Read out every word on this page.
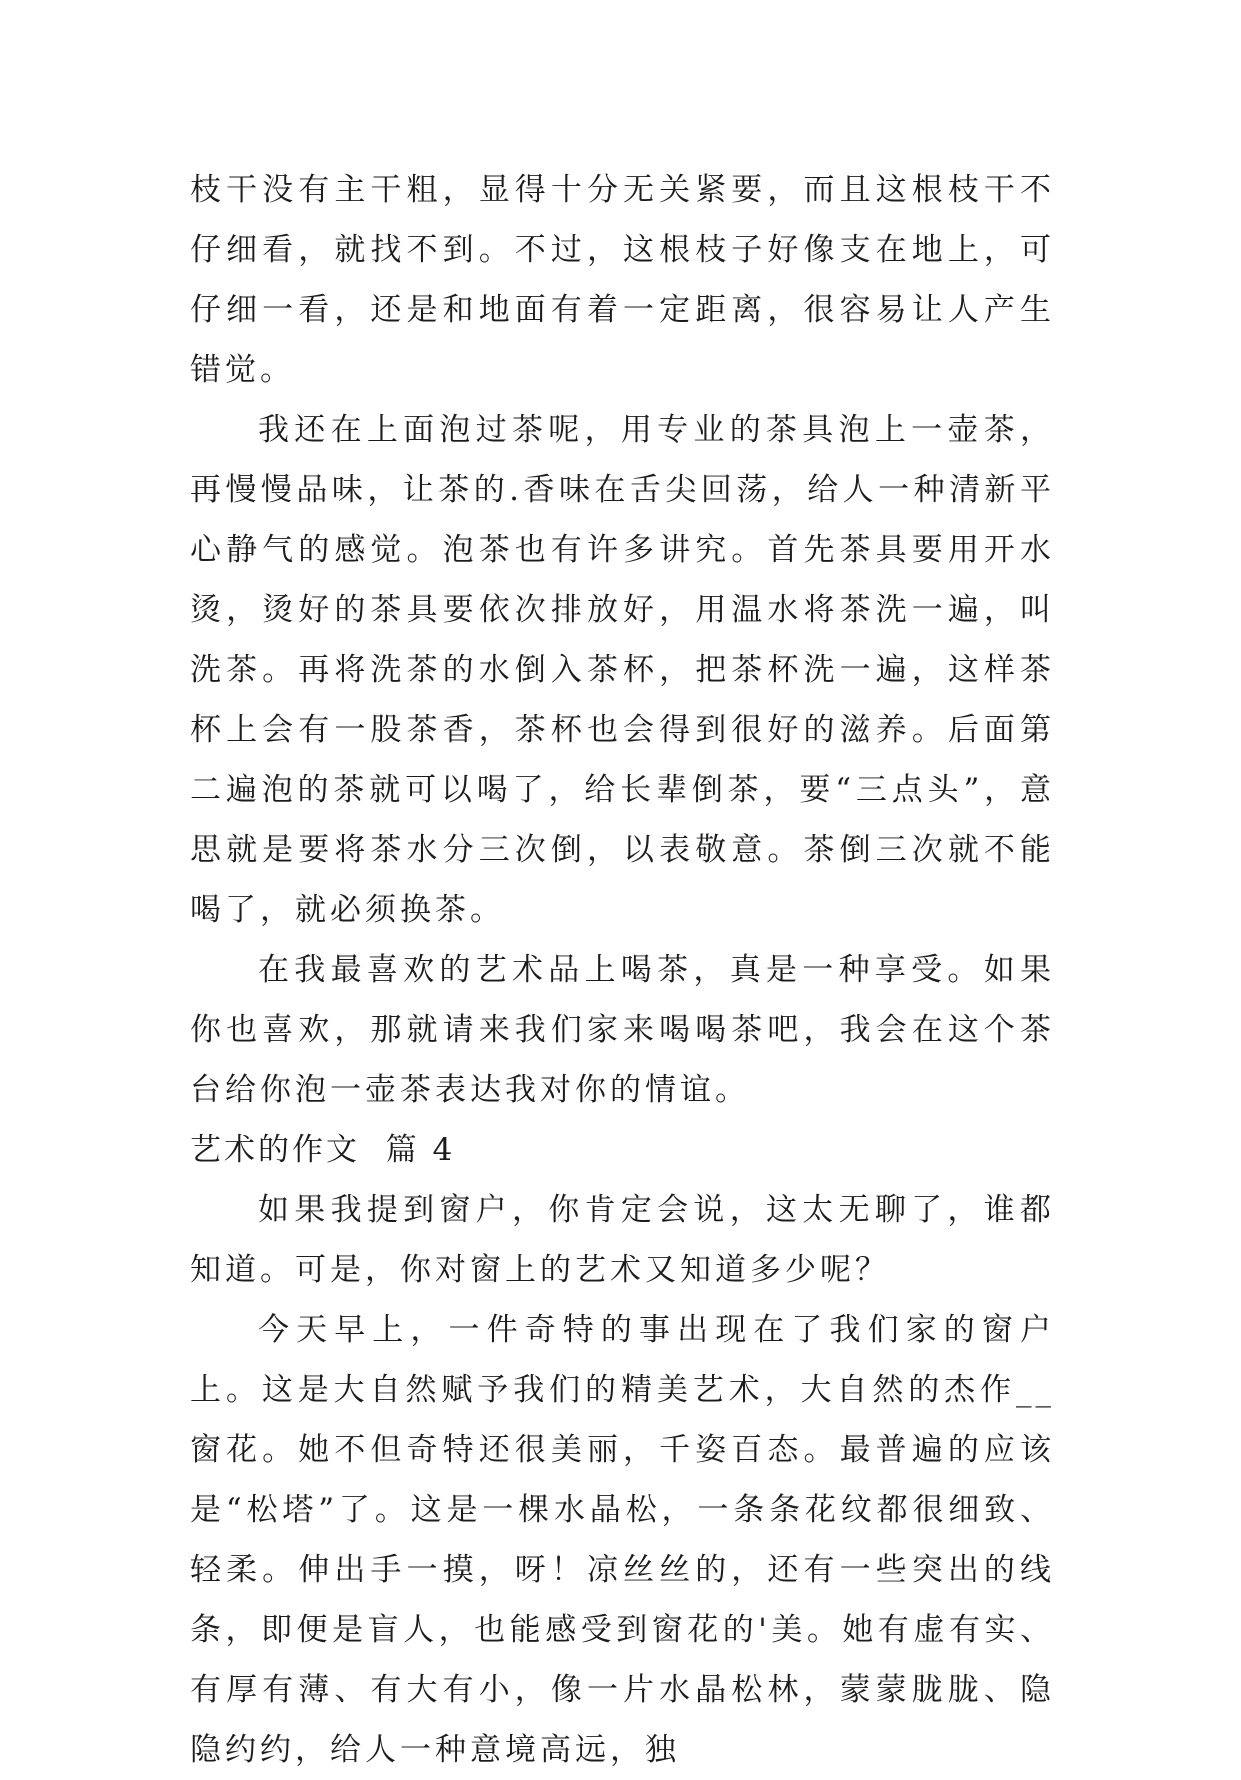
枝干没有主干粗，显得十分无关紧要，而且这根枝干不仔细看，就找不到。不过，这根枝子好像支在地上，可仔细一看，还是和地面有着一定距离，很容易让人产生错觉。

我还在上面泡过茶呢，用专业的茶具泡上一壶茶，再慢慢品味，让茶的.香味在舌尖回荡，给人一种清新平心静气的感觉。泡茶也有许多讲究。首先茶具要用开水烫，烫好的茶具要依次排放好，用温水将茶洗一遍，叫洗茶。再将洗茶的水倒入茶杯，把茶杯洗一遍，这样茶杯上会有一股茶香，茶杯也会得到很好的滋养。后面第二遍泡的茶就可以喝了，给长辈倒茶，要“三点头”，意思就是要将茶水分三次倒，以表敬意。茶倒三次就不能喝了，就必须换茶。

在我最喜欢的艺术品上喝茶，真是一种享受。如果你也喜欢，那就请来我们家来喝喝茶吧，我会在这个茶台给你泡一壶茶表达我对你的情谊。

艺术的作文  篇 4

如果我提到窗户，你肯定会说，这太无聊了，谁都知道。可是，你对窗上的艺术又知道多少呢？

今天早上，一件奇特的事出现在了我们家的窗户上。这是大自然赋予我们的精美艺术，大自然的杰作__窗花。她不但奇特还很美丽，千姿百态。最普遍的应该是“松塔”了。这是一棵水晶松，一条条花纹都很细致、轻柔。伸出手一摸，呀！凉丝丝的，还有一些突出的线条，即便是盲人，也能感受到窗花的'美。她有虚有实、有厚有薄、有大有小，像一片水晶松林，蒙蒙胧胧、隐隐约约，给人一种意境高远，独
